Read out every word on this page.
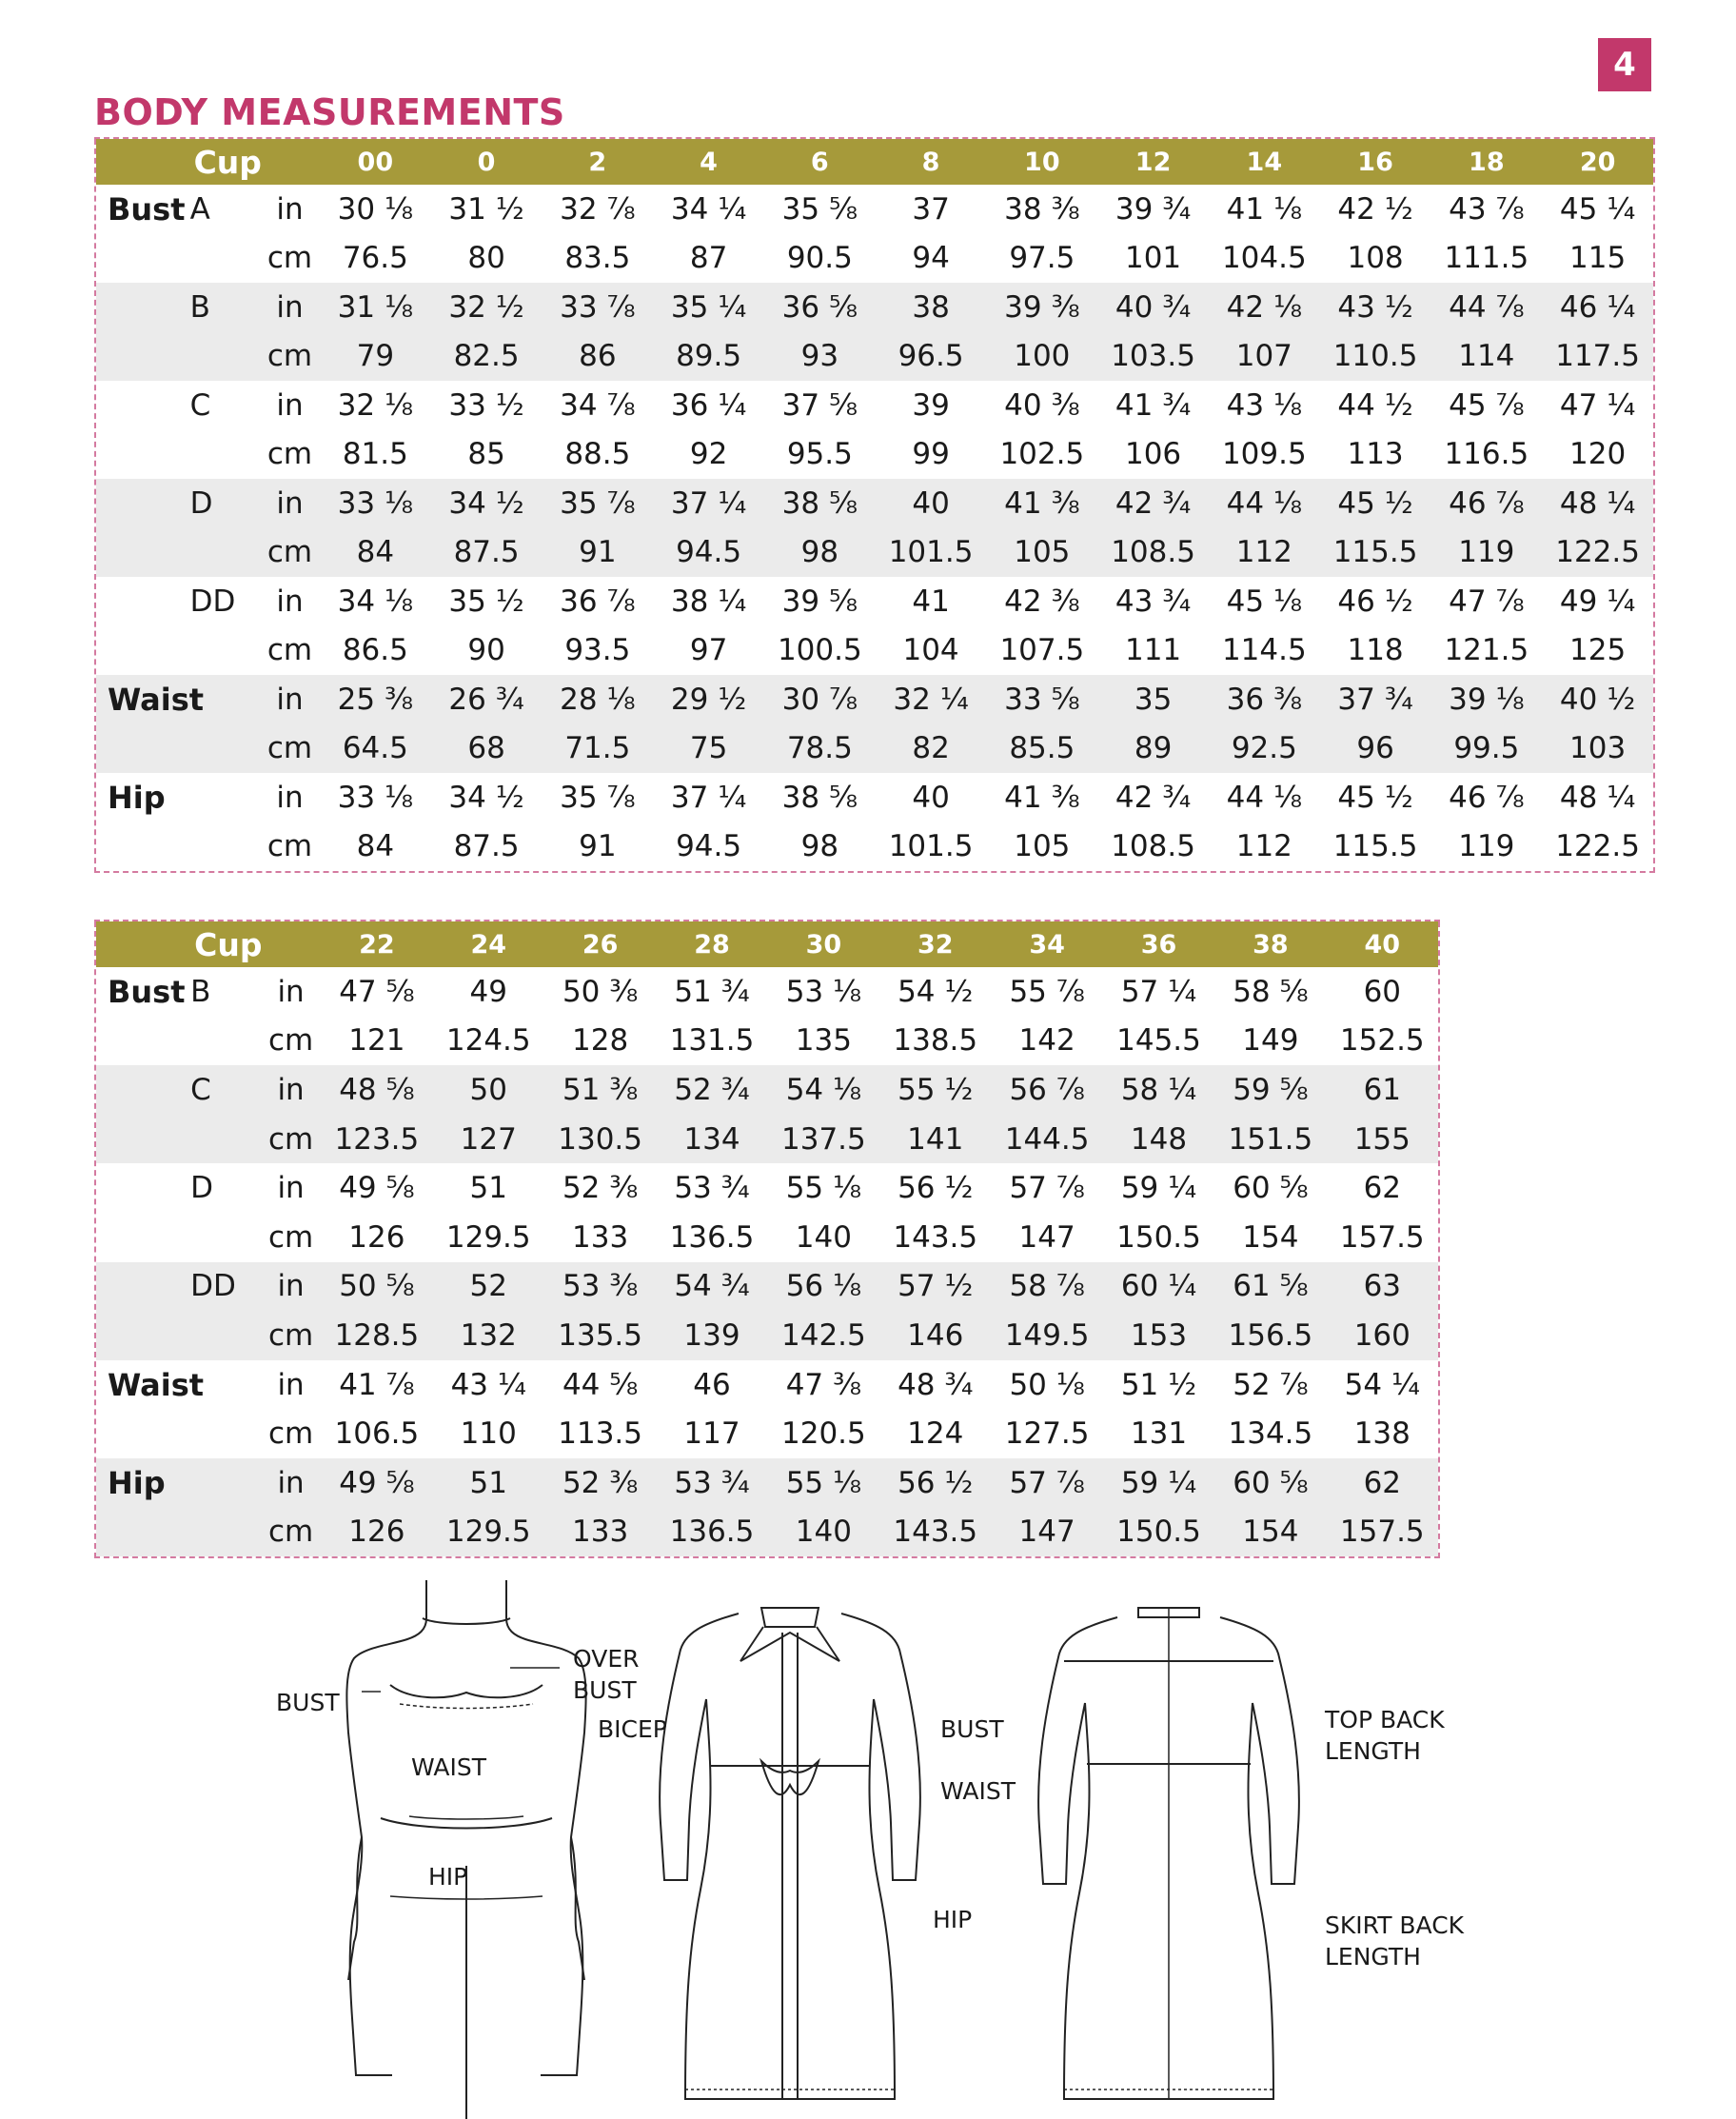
4
BODY MEASUREMENTS
	Cup		00	0	2	4	6	8	10	12	14	16	18	20
Bust	A	in	30 ⅛	31 ½	32 ⅞	34 ¼	35 ⅝	37	38 ⅜	39 ¾	41 ⅛	42 ½	43 ⅞	45 ¼
		cm	76.5	80	83.5	87	90.5	94	97.5	101	104.5	108	111.5	115
	B	in	31 ⅛	32 ½	33 ⅞	35 ¼	36 ⅝	38	39 ⅜	40 ¾	42 ⅛	43 ½	44 ⅞	46 ¼
		cm	79	82.5	86	89.5	93	96.5	100	103.5	107	110.5	114	117.5
	C	in	32 ⅛	33 ½	34 ⅞	36 ¼	37 ⅝	39	40 ⅜	41 ¾	43 ⅛	44 ½	45 ⅞	47 ¼
		cm	81.5	85	88.5	92	95.5	99	102.5	106	109.5	113	116.5	120
	D	in	33 ⅛	34 ½	35 ⅞	37 ¼	38 ⅝	40	41 ⅜	42 ¾	44 ⅛	45 ½	46 ⅞	48 ¼
		cm	84	87.5	91	94.5	98	101.5	105	108.5	112	115.5	119	122.5
	DD	in	34 ⅛	35 ½	36 ⅞	38 ¼	39 ⅝	41	42 ⅜	43 ¾	45 ⅛	46 ½	47 ⅞	49 ¼
		cm	86.5	90	93.5	97	100.5	104	107.5	111	114.5	118	121.5	125
Waist		in	25 ⅜	26 ¾	28 ⅛	29 ½	30 ⅞	32 ¼	33 ⅝	35	36 ⅜	37 ¾	39 ⅛	40 ½
		cm	64.5	68	71.5	75	78.5	82	85.5	89	92.5	96	99.5	103
Hip		in	33 ⅛	34 ½	35 ⅞	37 ¼	38 ⅝	40	41 ⅜	42 ¾	44 ⅛	45 ½	46 ⅞	48 ¼
		cm	84	87.5	91	94.5	98	101.5	105	108.5	112	115.5	119	122.5
	Cup		22	24	26	28	30	32	34	36	38	40
Bust	B	in	47 ⅝	49	50 ⅜	51 ¾	53 ⅛	54 ½	55 ⅞	57 ¼	58 ⅝	60
		cm	121	124.5	128	131.5	135	138.5	142	145.5	149	152.5
	C	in	48 ⅝	50	51 ⅜	52 ¾	54 ⅛	55 ½	56 ⅞	58 ¼	59 ⅝	61
		cm	123.5	127	130.5	134	137.5	141	144.5	148	151.5	155
	D	in	49 ⅝	51	52 ⅜	53 ¾	55 ⅛	56 ½	57 ⅞	59 ¼	60 ⅝	62
		cm	126	129.5	133	136.5	140	143.5	147	150.5	154	157.5
	DD	in	50 ⅝	52	53 ⅜	54 ¾	56 ⅛	57 ½	58 ⅞	60 ¼	61 ⅝	63
		cm	128.5	132	135.5	139	142.5	146	149.5	153	156.5	160
Waist		in	41 ⅞	43 ¼	44 ⅝	46	47 ⅜	48 ¾	50 ⅛	51 ½	52 ⅞	54 ¼
		cm	106.5	110	113.5	117	120.5	124	127.5	131	134.5	138
Hip		in	49 ⅝	51	52 ⅜	53 ¾	55 ⅛	56 ½	57 ⅞	59 ¼	60 ⅝	62
		cm	126	129.5	133	136.5	140	143.5	147	150.5	154	157.5
BUST
OVER BUST
WAIST
HIP
BICEP	BUST
WAIST
HIP
TOP BACK LENGTH
SKIRT BACK LENGTH
